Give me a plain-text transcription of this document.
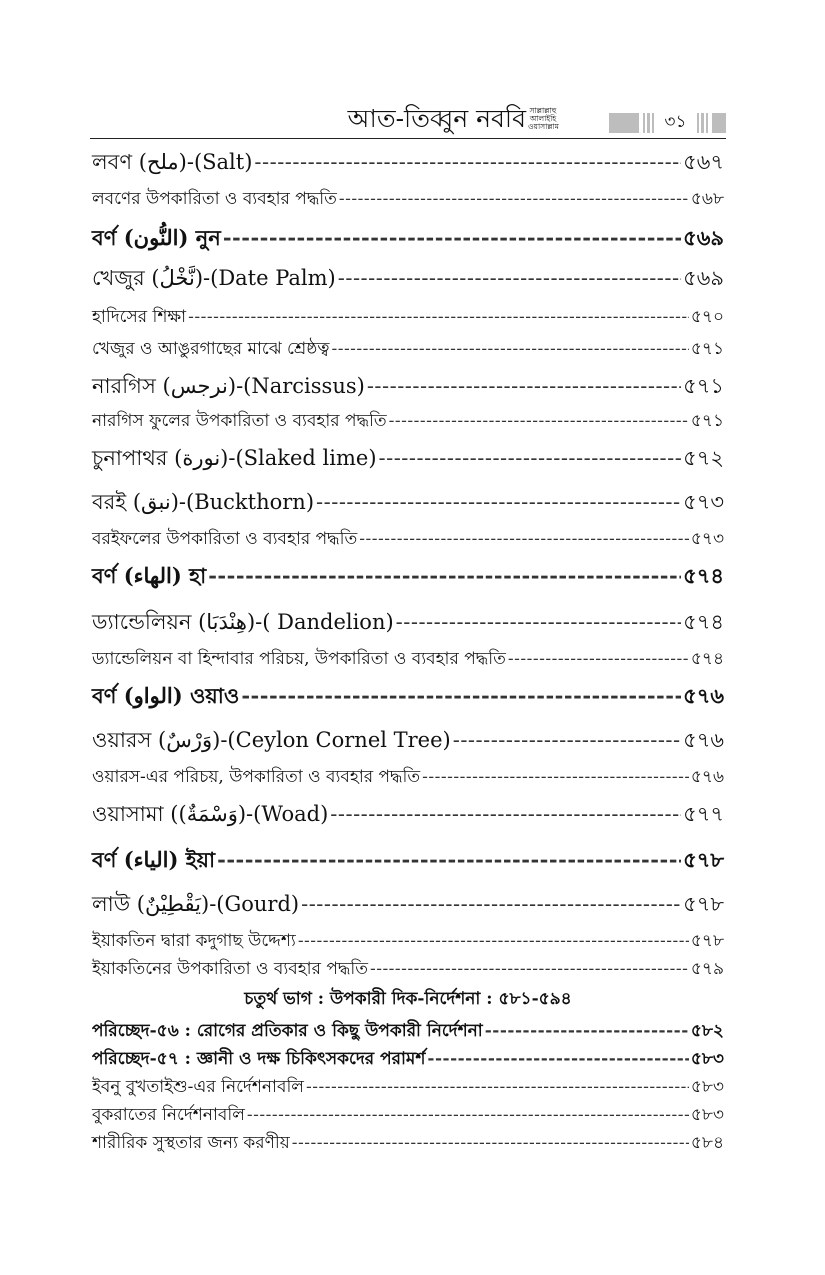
আত-তিব্বুন নববি সাল্লাল্লাহু আলাইহি ওয়াসাল্লাম	৩১
লবণ (ملح)-(Salt) -----	৫৬৭
লবণের উপকারিতা ও ব্যবহার পদ্ধতি -----	৫৬৮
বর্ণ (النُّون) নুন -----	৫৬৯
খেজুর (نَّخْلُ)-(Date Palm) -----	৫৬৯
হাদিসের শিক্ষা -----	৫৭০
খেজুর ও আঙুরগাছের মাঝে শ্রেষ্ঠত্ব -----	৫৭১
নারগিস (نرجس)-(Narcissus) -----	৫৭১
নারগিস ফুলের উপকারিতা ও ব্যবহার পদ্ধতি -----	৫৭১
চুনাপাথর (نورة)-(Slaked lime) -----	৫৭২
বরই (نبق)-(Buckthorn) -----	৫৭৩
বরইফলের উপকারিতা ও ব্যবহার পদ্ধতি -----	৫৭৩
বর্ণ (الهاء) হা -----	৫৭৪
ড্যান্ডেলিয়ন (هِنْدَبَا)-( Dandelion) -----	৫৭৪
ড্যান্ডেলিয়ন বা হিন্দাবার পরিচয়, উপকারিতা ও ব্যবহার পদ্ধতি -----	৫৭৪
বর্ণ (الواو) ওয়াও -----	৫৭৬
ওয়ারস (وَرْسٌ)-(Ceylon Cornel Tree) -----	৫৭৬
ওয়ারস-এর পরিচয়, উপকারিতা ও ব্যবহার পদ্ধতি -----	৫৭৬
ওয়াসামা ((وَسْمَةٌ)-(Woad) -----	৫৭৭
বর্ণ (الياء) ইয়া -----	৫৭৮
লাউ (يَقْطِيْنٌ)-(Gourd) -----	৫৭৮
ইয়াকতিন দ্বারা কদুগাছ উদ্দেশ্য -----	৫৭৮
ইয়াকতিনের উপকারিতা ও ব্যবহার পদ্ধতি -----	৫৭৯
চতুর্থ ভাগ : উপকারী দিক-নির্দেশনা : ৫৮১-৫৯৪
পরিচ্ছেদ-৫৬ : রোগের প্রতিকার ও কিছু উপকারী নির্দেশনা -----	৫৮২
পরিচ্ছেদ-৫৭ : জ্ঞানী ও দক্ষ চিকিৎসকদের পরামর্শ -----	৫৮৩
ইবনু বুখতাইশু-এর নির্দেশনাবলি -----	৫৮৩
বুকরাতের নির্দেশনাবলি -----	৫৮৩
শারীরিক সুস্থতার জন্য করণীয় -----	৫৮৪
